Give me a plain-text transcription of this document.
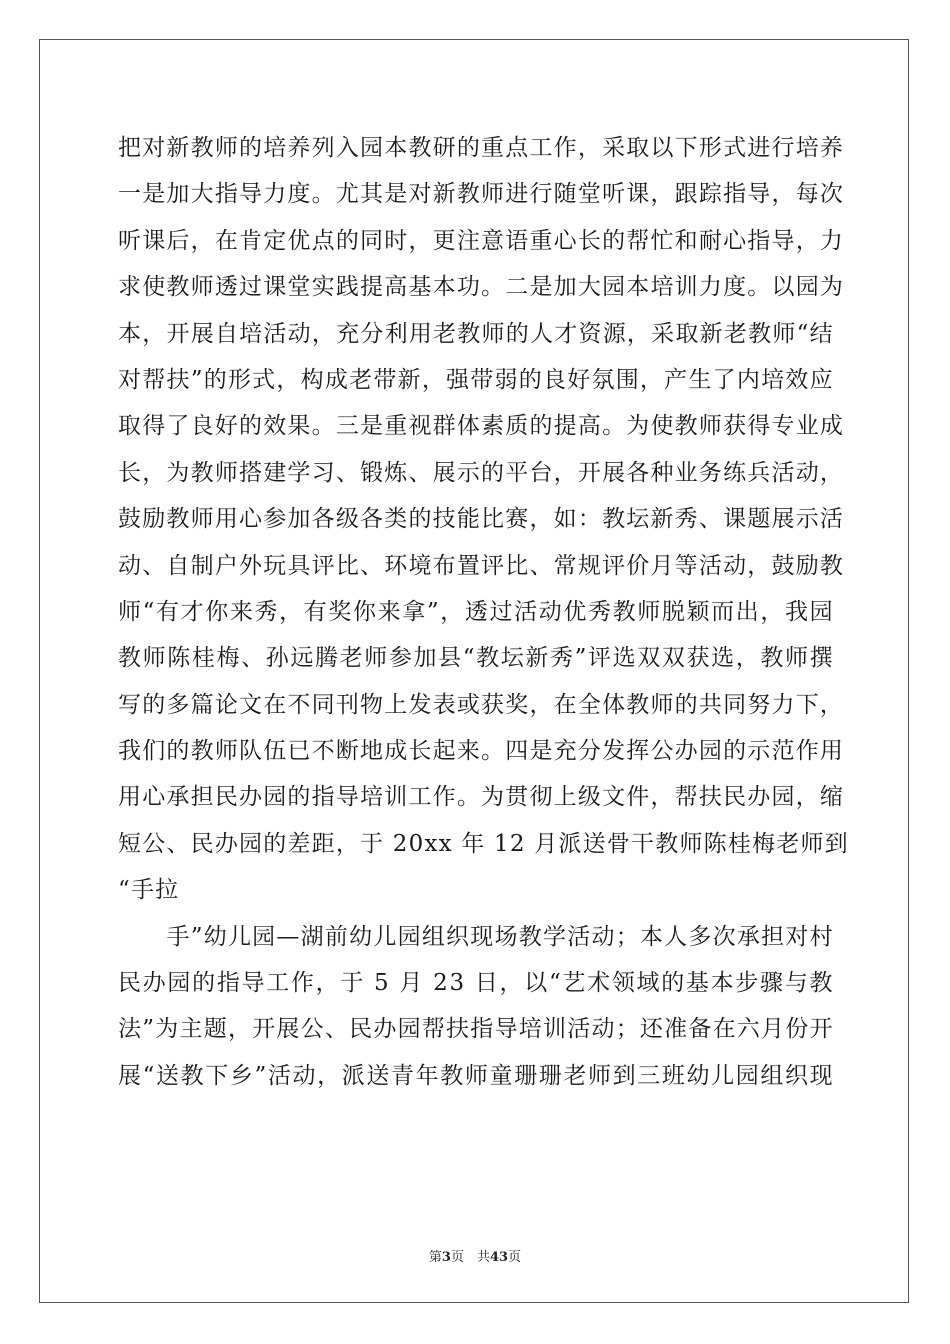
把 对 新 教 师 的 培 养 列 入 园 本 教 研 的 重 点 工 作 ， 采 取 以 下 形 式 进 行 培 养
一 是 加 大 指 导 力 度 。 尤 其 是 对 新 教 师 进 行 随 堂 听 课 ， 跟 踪 指 导 ， 每 次
听 课 后 ， 在 肯 定 优 点 的 同 时 ， 更 注 意 语 重 心 长 的 帮 忙 和 耐 心 指 导 ， 力
求 使 教 师 透 过 课 堂 实 践 提 高 基 本 功 。 二 是 加 大 园 本 培 训 力 度 。 以 园 为
本 ， 开 展 自 培 活 动 ， 充 分 利 用 老 教 师 的 人 才 资 源 ， 采 取 新 老 教 师 “ 结
对 帮 扶 ” 的 形 式 ， 构 成 老 带 新 ， 强 带 弱 的 良 好 氛 围 ， 产 生 了 内 培 效 应
取 得 了 良 好 的 效 果 。 三 是 重 视 群 体 素 质 的 提 高 。 为 使 教 师 获 得 专 业 成
长 ， 为 教 师 搭 建 学 习 、 锻 炼 、 展 示 的 平 台 ， 开 展 各 种 业 务 练 兵 活 动 ，
鼓 励 教 师 用 心 参 加 各 级 各 类 的 技 能 比 赛 ， 如 ： 教 坛 新 秀 、 课 题 展 示 活
动 、 自 制 户 外 玩 具 评 比 、 环 境 布 置 评 比 、 常 规 评 价 月 等 活 动 ， 鼓 励 教
师 “ 有 才 你 来 秀 ， 有 奖 你 来 拿 ” ， 透 过 活 动 优 秀 教 师 脱 颖 而 出 ， 我 园
教 师 陈 桂 梅 、 孙 远 腾 老 师 参 加 县 “ 教 坛 新 秀 ” 评 选 双 双 获 选 ， 教 师 撰
写 的 多 篇 论 文 在 不 同 刊 物 上 发 表 或 获 奖 ， 在 全 体 教 师 的 共 同 努 力 下 ，
我 们 的 教 师 队 伍 已 不 断 地 成 长 起 来 。 四 是 充 分 发 挥 公 办 园 的 示 范 作 用
用 心 承 担 民 办 园 的 指 导 培 训 工 作 。 为 贯 彻 上 级 文 件 ， 帮 扶 民 办 园 ， 缩
短 公 、 民 办 园 的 差 距 ， 于
2 0 x x
年
1 2
月 派 送 骨 干 教 师 陈 桂 梅 老 师 到
“手拉

手 ” 幼 儿 园 — 湖 前 幼 儿 园 组 织 现 场 教 学 活 动 ； 本 人 多 次 承 担 对 村
民 办 园 的 指 导 工 作 ， 于
5
月
2 3
日 ， 以 “ 艺 术 领 域 的 基 本 步 骤 与 教
法 ” 为 主 题 ， 开 展 公 、 民 办 园 帮 扶 指 导 培 训 活 动 ； 还 准 备 在 六 月 份 开
展 “ 送 教 下 乡 ” 活 动 ， 派 送 青 年 教 师 童 珊 珊 老 师 到 三 班 幼 儿 园 组 织 现
第3页　共43页
